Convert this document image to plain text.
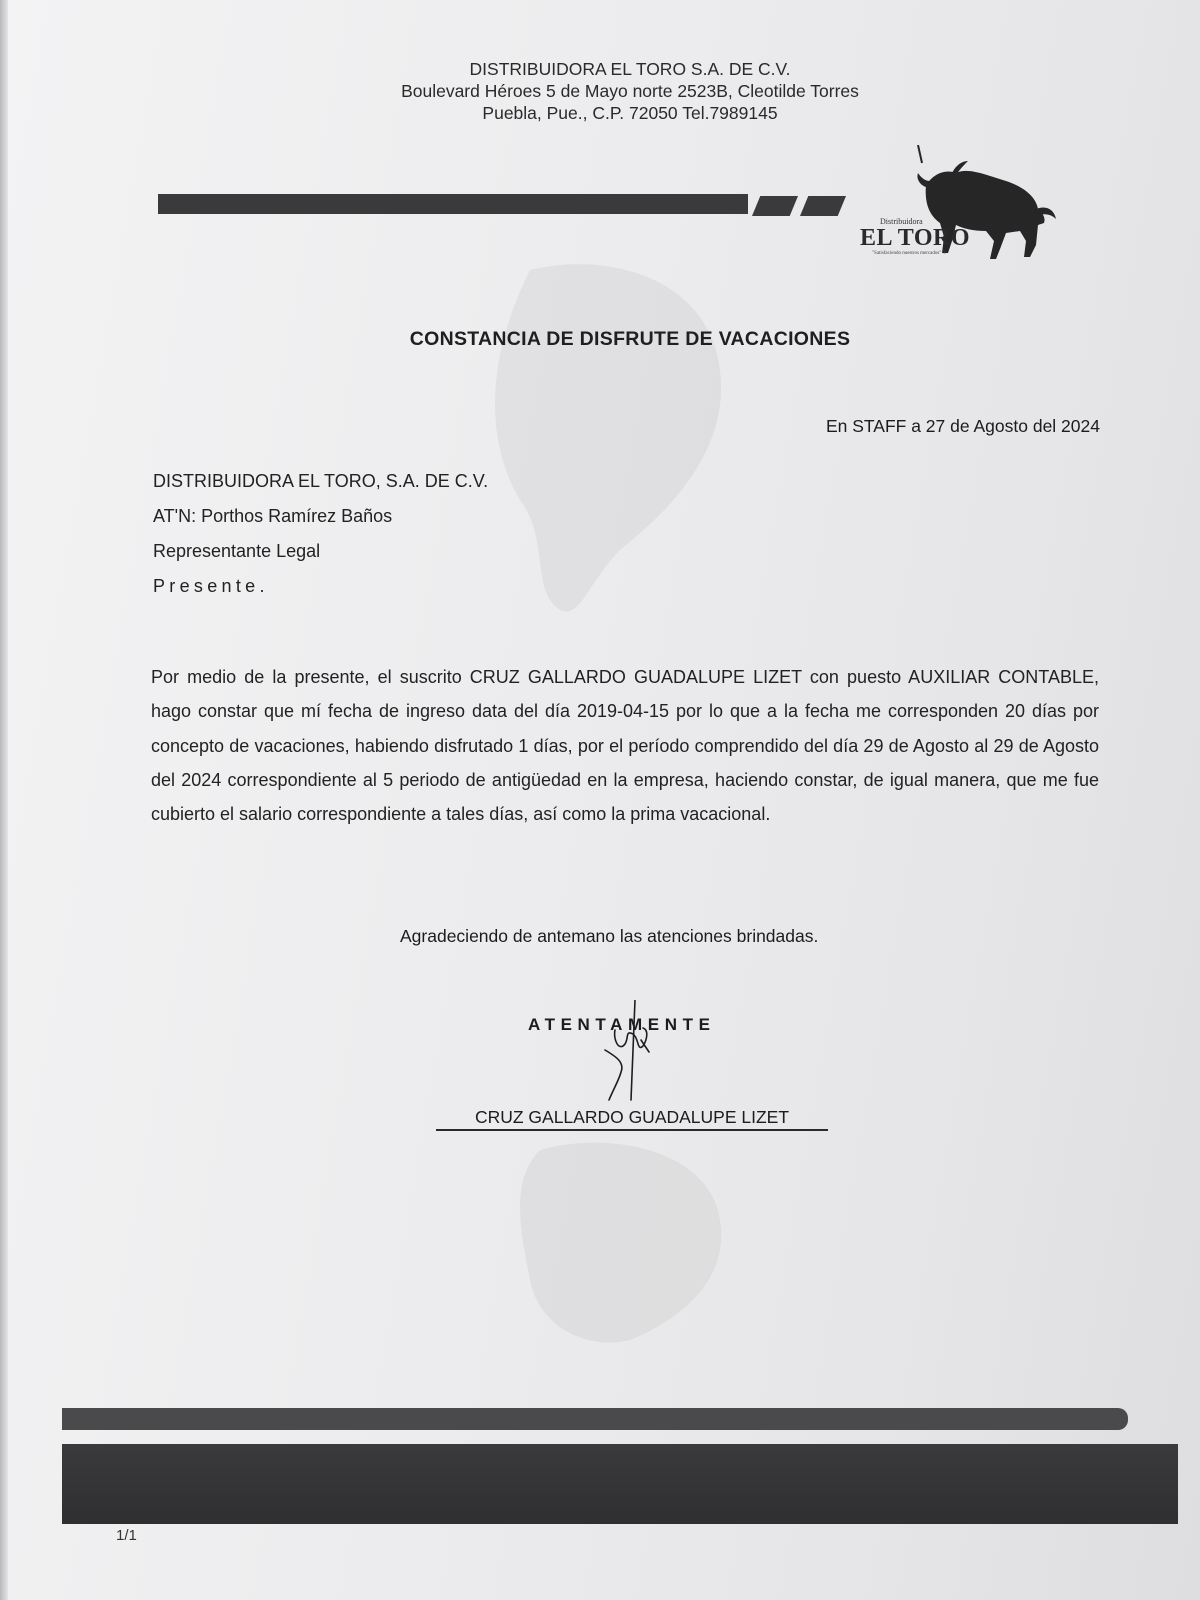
DISTRIBUIDORA EL TORO S.A. DE C.V.
Boulevard Héroes 5 de Mayo norte 2523B, Cleotilde Torres
Puebla, Pue., C.P. 72050 Tel.7989145
Distribuidora
EL TORO
"Satisfaciendo nuestros mercados" ®
CONSTANCIA DE DISFRUTE DE VACACIONES
En STAFF a 27 de Agosto del 2024
DISTRIBUIDORA EL TORO, S.A. DE C.V.
AT'N: Porthos Ramírez Baños
Representante Legal
Presente.
Por medio de la presente, el suscrito CRUZ GALLARDO GUADALUPE LIZET con puesto AUXILIAR CONTABLE, hago constar que mí fecha de ingreso data del día 2019-04-15 por lo que a la fecha me corresponden 20 días por concepto de vacaciones, habiendo disfrutado 1 días, por el período comprendido del día 29 de Agosto al 29 de Agosto del 2024 correspondiente al 5 periodo de antigüedad en la empresa, haciendo constar, de igual manera, que me fue cubierto el salario correspondiente a tales días, así como la prima vacacional.
Agradeciendo de antemano las atenciones brindadas.
ATENTAMENTE
CRUZ GALLARDO GUADALUPE LIZET
1/1
